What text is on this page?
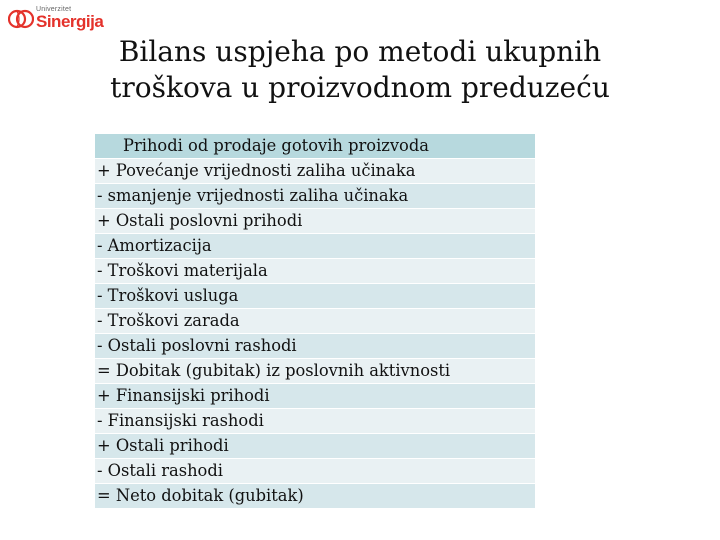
Univerzitet
Sinergija
Bilans uspjeha po metodi ukupnih
troškova u proizvodnom preduzeću
Prihodi od prodaje gotovih proizvoda
+ Povećanje vrijednosti zaliha učinaka
- smanjenje vrijednosti zaliha učinaka
+ Ostali poslovni prihodi
- Amortizacija
- Troškovi materijala
- Troškovi usluga
- Troškovi zarada
- Ostali poslovni rashodi
= Dobitak (gubitak) iz poslovnih aktivnosti
+ Finansijski prihodi
- Finansijski rashodi
+ Ostali prihodi
- Ostali rashodi
= Neto dobitak (gubitak)
